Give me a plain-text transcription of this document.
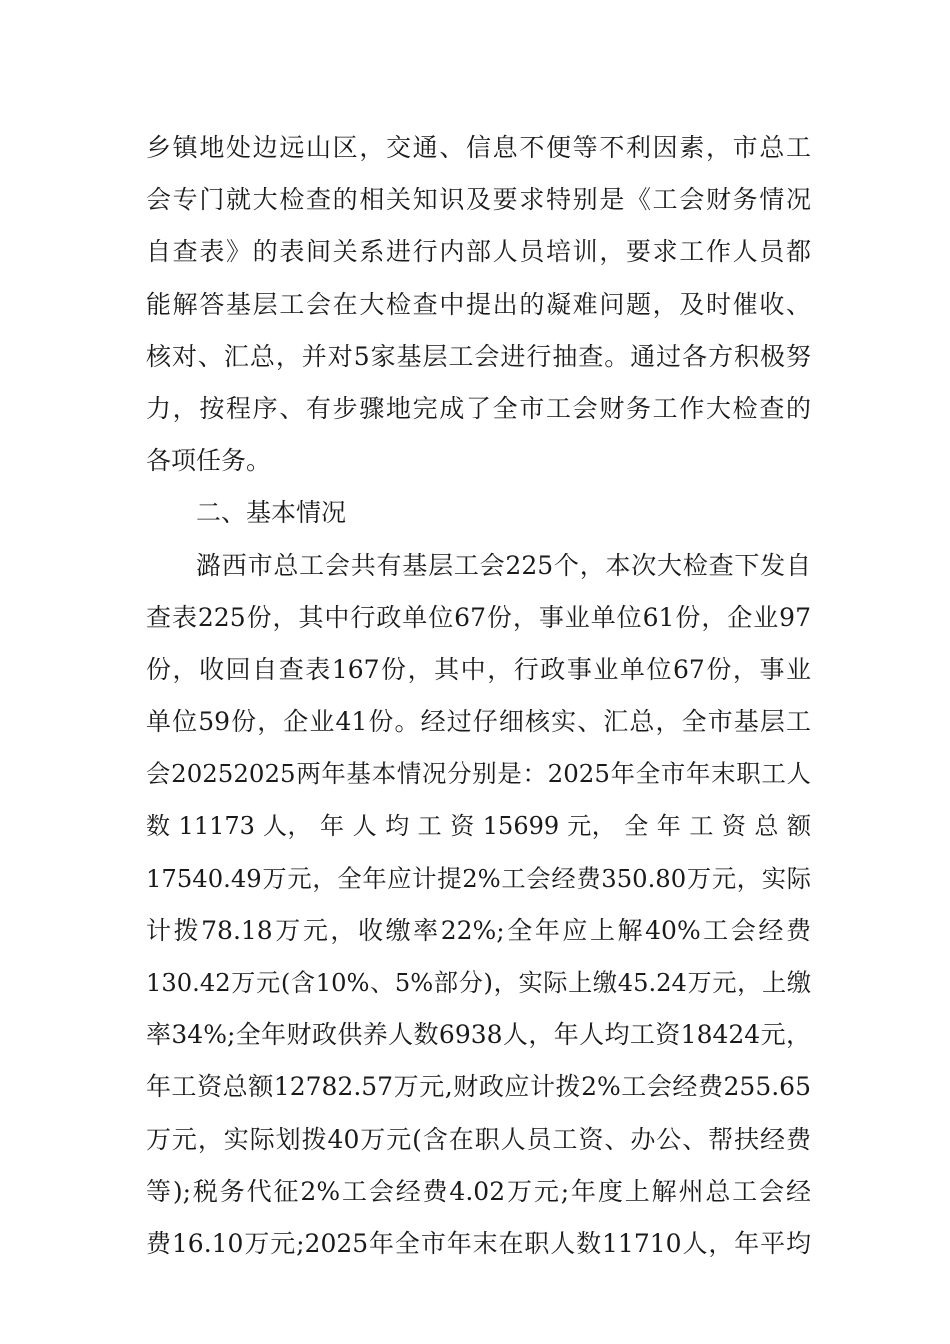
乡镇地处边远山区，交通、信息不便等不利因素，市总工
会专门就大检查的相关知识及要求特别是《工会财务情况
自查表》的表间关系进行内部人员培训，要求工作人员都
能解答基层工会在大检查中提出的凝难问题，及时催收、
核对、汇总，并对5家基层工会进行抽查。通过各方积极努
力，按程序、有步骤地完成了全市工会财务工作大检查的
各项任务。
二、基本情况
潞西市总工会共有基层工会225个，本次大检查下发自
查表225份，其中行政单位67份，事业单位61份，企业97
份，收回自查表167份，其中，行政事业单位67份，事业
单位59份，企业41份。经过仔细核实、汇总，全市基层工
会20252025两年基本情况分别是：2025年全市年末职工人
数 11173 人， 年 人 均 工 资 15699 元， 全 年 工 资 总 额
17540.49万元，全年应计提2%工会经费350.80万元，实际
计拨78.18万元，收缴率22%;全年应上解40%工会经费
130.42万元(含10%、5%部分)，实际上缴45.24万元，上缴
率34%;全年财政供养人数6938人，年人均工资18424元，
年工资总额12782.57万元,财政应计拨2%工会经费255.65
万元，实际划拨40万元(含在职人员工资、办公、帮扶经费
等);税务代征2%工会经费4.02万元;年度上解州总工会经
费16.10万元;2025年全市年末在职人数11710人，年平均
